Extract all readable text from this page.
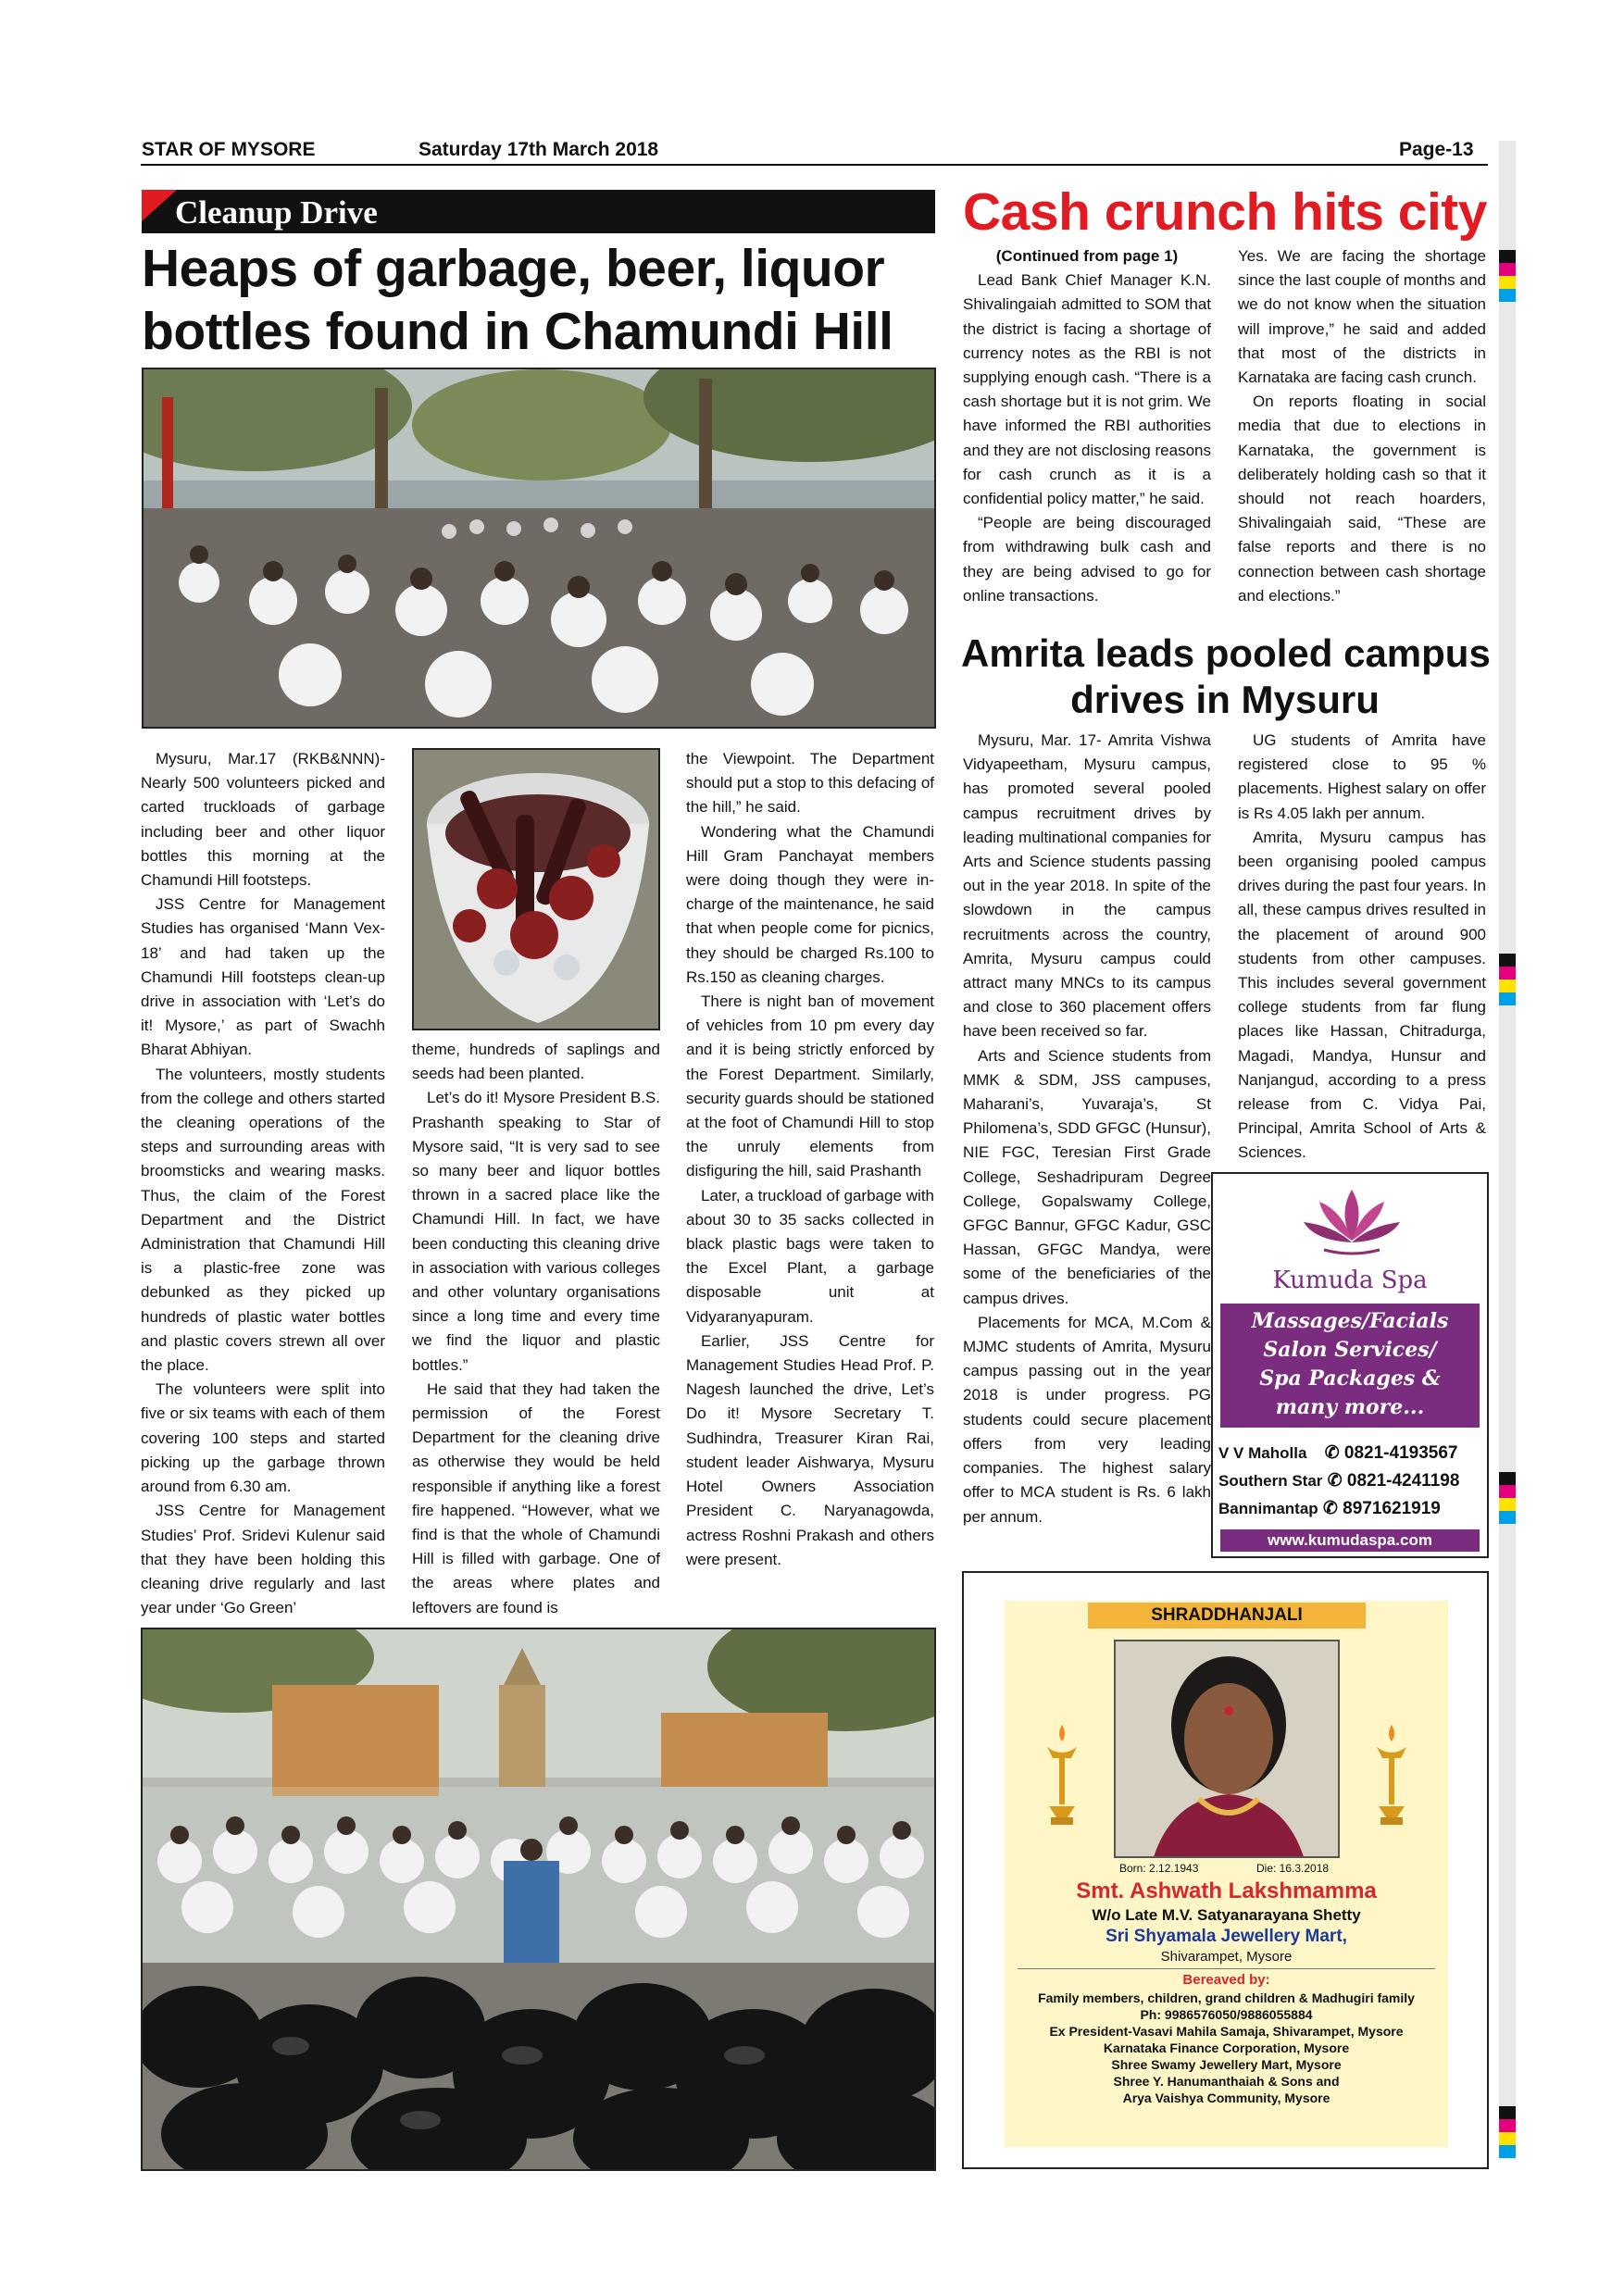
STAR OF MYSORE	Saturday 17th March 2018	Page-13
Cleanup Drive
Heaps of garbage, beer, liquor
bottles found in Chamundi Hill

Mysuru, Mar.17 (RKB&NNN)- Nearly 500 volunteers picked and carted truckloads of garbage including beer and other liquor bottles this morning at the Chamundi Hill footsteps.

JSS Centre for Management Studies has organised ‘Mann Vex-18’ and had taken up the Chamundi Hill footsteps clean-up drive in association with ‘Let’s do it! Mysore,’ as part of Swachh Bharat Abhiyan.

The volunteers, mostly students from the college and others started the cleaning operations of the steps and surrounding areas with broomsticks and wearing masks. Thus, the claim of the Forest Department and the District Administration that Chamundi Hill is a plastic-free zone was debunked as they picked up hundreds of plastic water bottles and plastic covers strewn all over the place.

The volunteers were split into five or six teams with each of them covering 100 steps and started picking up the garbage thrown around from 6.30 am.

JSS Centre for Management Studies’ Prof. Sridevi Kulenur said that they have been holding this cleaning drive regularly and last year under ‘Go Green’

theme, hundreds of saplings and seeds had been planted.

Let’s do it! Mysore President B.S. Prashanth speaking to Star of Mysore said, “It is very sad to see so many beer and liquor bottles thrown in a sacred place like the Chamundi Hill. In fact, we have been conducting this cleaning drive in association with various colleges and other voluntary organisations since a long time and every time we find the liquor and plastic bottles.”

He said that they had taken the permission of the Forest Department for the cleaning drive as otherwise they would be held responsible if anything like a forest fire happened. “However, what we find is that the whole of Chamundi Hill is filled with garbage. One of the areas where plates and leftovers are found is

the Viewpoint. The Department should put a stop to this defacing of the hill,” he said.

Wondering what the Chamundi Hill Gram Panchayat members were doing though they were in-charge of the maintenance, he said that when people come for picnics, they should be charged Rs.100 to Rs.150 as cleaning charges.

There is night ban of movement of vehicles from 10 pm every day and it is being strictly enforced by the Forest Department. Similarly, security guards should be stationed at the foot of Chamundi Hill to stop the unruly elements from disfiguring the hill, said Prashanth

Later, a truckload of garbage with about 30 to 35 sacks collected in black plastic bags were taken to the Excel Plant, a garbage disposable unit at Vidyaranyapuram.

Earlier, JSS Centre for Management Studies Head Prof. P. Nagesh launched the drive, Let’s Do it! Mysore Secretary T. Sudhindra, Treasurer Kiran Rai, student leader Aishwarya, Mysuru Hotel Owners Association President C. Naryanagowda, actress Roshni Prakash and others were present.

Cash crunch hits city

(Continued from page 1)

Lead Bank Chief Manager K.N. Shivalingaiah admitted to SOM that the district is facing a shortage of currency notes as the RBI is not supplying enough cash. “There is a cash shortage but it is not grim. We have informed the RBI authorities and they are not disclosing reasons for cash crunch as it is a confidential policy matter,” he said.

“People are being discouraged from withdrawing bulk cash and they are being advised to go for online transactions.

Yes. We are facing the shortage since the last couple of months and we do not know when the situation will improve,” he said and added that most of the districts in Karnataka are facing cash crunch.

On reports floating in social media that due to elections in Karnataka, the government is deliberately holding cash so that it should not reach hoarders, Shivalingaiah said, “These are false reports and there is no connection between cash shortage and elections.”

Amrita leads pooled campus
drives in Mysuru

Mysuru, Mar. 17- Amrita Vishwa Vidyapeetham, Mysuru campus, has promoted several pooled campus recruitment drives by leading multinational companies for Arts and Science students passing out in the year 2018. In spite of the slowdown in the campus recruitments across the country, Amrita, Mysuru campus could attract many MNCs to its campus and close to 360 placement offers have been received so far.

Arts and Science students from MMK & SDM, JSS campuses, Maharani’s, Yuvaraja’s, St Philomena’s, SDD GFGC (Hunsur), NIE FGC, Teresian First Grade College, Seshadripuram Degree College, Gopalswamy College, GFGC Bannur, GFGC Kadur, GSC Hassan, GFGC Mandya, were some of the beneficiaries of the campus drives.

Placements for MCA, M.Com & MJMC students of Amrita, Mysuru campus passing out in the year 2018 is under progress. PG students could secure placement offers from very leading companies. The highest salary offer to MCA student is Rs. 6 lakh per annum.

UG students of Amrita have registered close to 95 % placements. Highest salary on offer is Rs 4.05 lakh per annum.

Amrita, Mysuru campus has been organising pooled campus drives during the past four years. In all, these campus drives resulted in the placement of around 900 students from other campuses. This includes several government college students from far flung places like Hassan, Chitradurga, Magadi, Mandya, Hunsur and Nanjangud, according to a press release from C. Vidya Pai, Principal, Amrita School of Arts & Sciences.

Kumuda Spa
Massages/Facials
Salon Services/
Spa Packages &
many more...
V V Maholla ✆ 0821-4193567
Southern Star ✆ 0821-4241198
Bannimantap ✆ 8971621919
www.kumudaspa.com
SHRADDHANJALI
Born: 2.12.1943	Die: 16.3.2018
Smt. Ashwath Lakshmamma
W/o Late M.V. Satyanarayana Shetty
Sri Shyamala Jewellery Mart,
Shivarampet, Mysore
Bereaved by:
Family members, children, grand children & Madhugiri family
Ph: 9986576050/9886055884
Ex President-Vasavi Mahila Samaja, Shivarampet, Mysore
Karnataka Finance Corporation, Mysore
Shree Swamy Jewellery Mart, Mysore
Shree Y. Hanumanthaiah & Sons and
Arya Vaishya Community, Mysore
